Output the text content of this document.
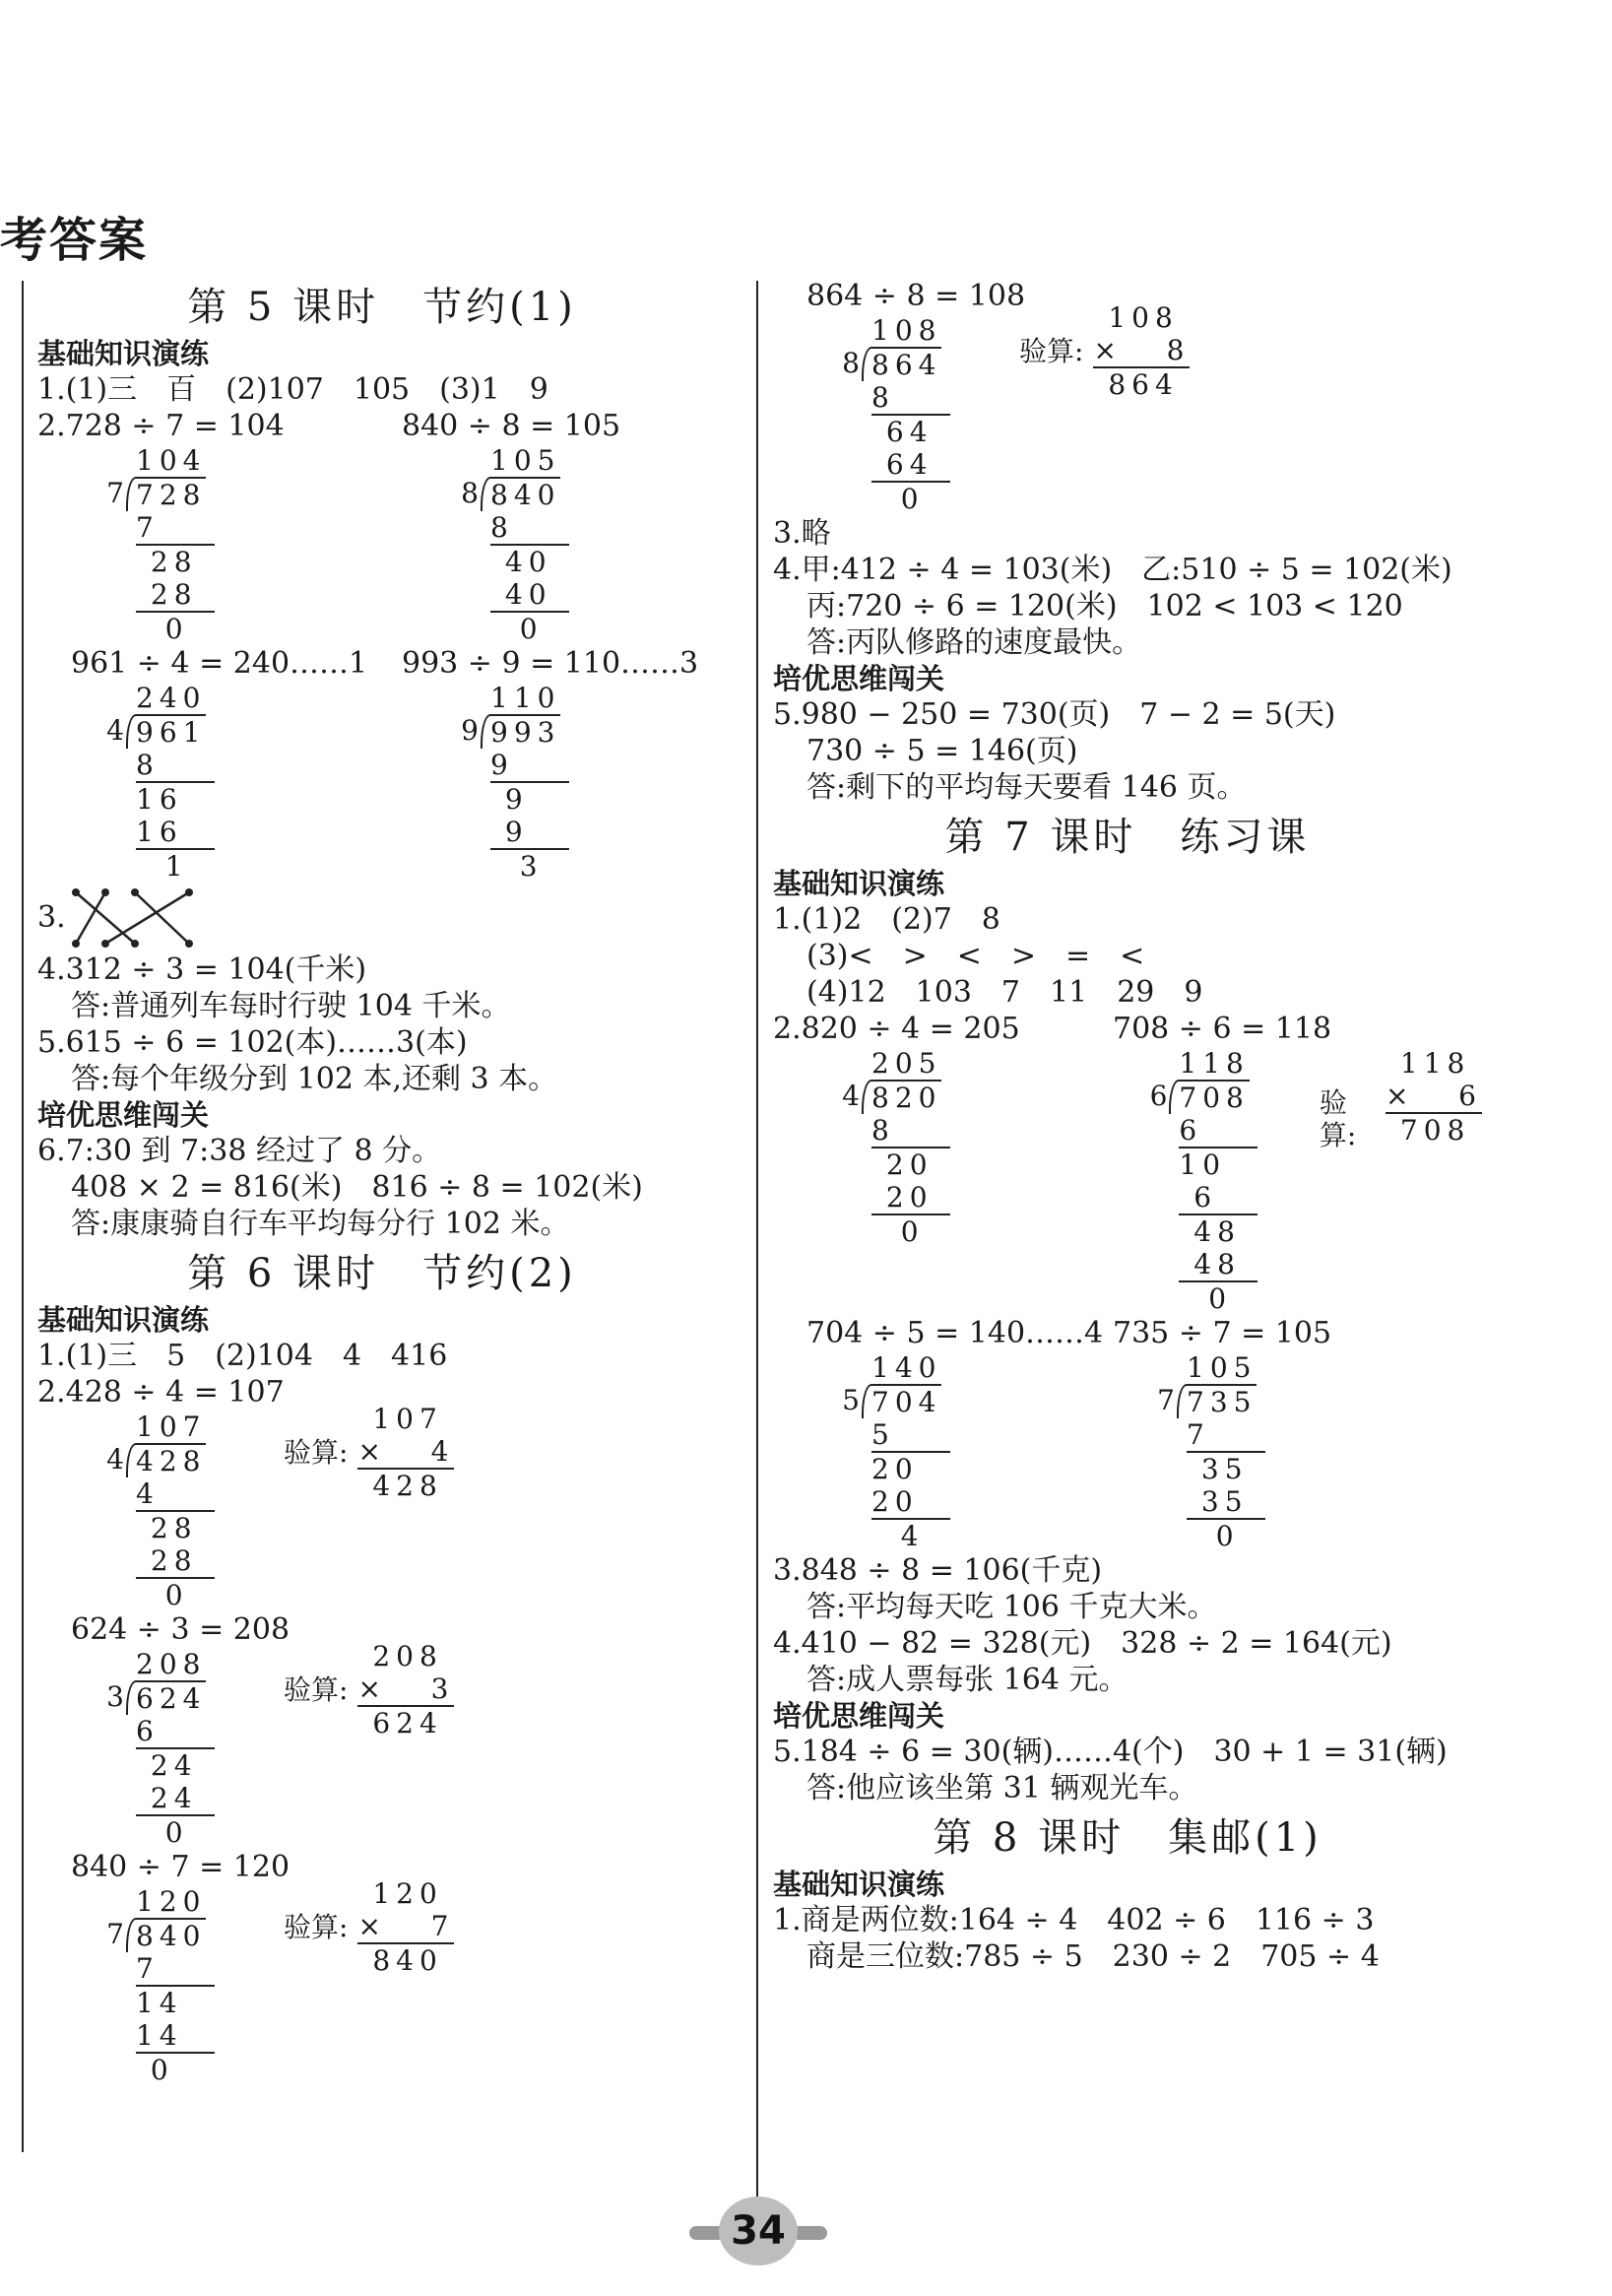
考答案
第 5 课时　节约(1)
基础知识演练
1.(1)三　百　(2)107　105　(3)1　9
2.728 ÷ 7 = 104	840 ÷ 8 = 105
104
7 728
7
28
28
0
105
8 840
8
40
40
0
961 ÷ 4 = 240……1	993 ÷ 9 = 110……3
240
4 961
8
16
16
1
110
9 993
9
9
9
3
3.
4.312 ÷ 3 = 104(千米)
答:普通列车每时行驶 104 千米。
5.615 ÷ 6 = 102(本)……3(本)
答:每个年级分到 102 本,还剩 3 本。
培优思维闯关
6.7:30 到 7:38 经过了 8 分。
408 × 2 = 816(米)　816 ÷ 8 = 102(米)
答:康康骑自行车平均每分行 102 米。
第 6 课时　节约(2)
基础知识演练
1.(1)三　5　(2)104　4　416
2.428 ÷ 4 = 107
107
4 428
4
28
28
0
验算:
107
×   4
428
624 ÷ 3 = 208
208
3 624
6
24
24
0
验算:
208
×   3
624
840 ÷ 7 = 120
120
7 840
7
14
14
0
验算:
120
×   7
840
864 ÷ 8 = 108
108
8 864
8
64
64
0
验算:
108
×   8
864
3.略
4.甲:412 ÷ 4 = 103(米)　乙:510 ÷ 5 = 102(米)
丙:720 ÷ 6 = 120(米)　102 < 103 < 120
答:丙队修路的速度最快。
培优思维闯关
5.980 − 250 = 730(页)　7 − 2 = 5(天)
730 ÷ 5 = 146(页)
答:剩下的平均每天要看 146 页。
第 7 课时　练习课
基础知识演练
1.(1)2　(2)7　8
(3)<　>　<　>　=　<
(4)12　103　7　11　29　9
2.820 ÷ 4 = 205	708 ÷ 6 = 118
205
4 820
8
20
20
0
118
6 708
6
10
6
48
48
0
验算:
118
×   6
708
704 ÷ 5 = 140……4 735 ÷ 7 = 105
140
5 704
5
20
20
4
105
7 735
7
35
35
0
3.848 ÷ 8 = 106(千克)
答:平均每天吃 106 千克大米。
4.410 − 82 = 328(元)　328 ÷ 2 = 164(元)
答:成人票每张 164 元。
培优思维闯关
5.184 ÷ 6 = 30(辆)……4(个)　30 + 1 = 31(辆)
答:他应该坐第 31 辆观光车。
第 8 课时　集邮(1)
基础知识演练
1.商是两位数:164 ÷ 4　402 ÷ 6　116 ÷ 3
商是三位数:785 ÷ 5　230 ÷ 2　705 ÷ 4
34
